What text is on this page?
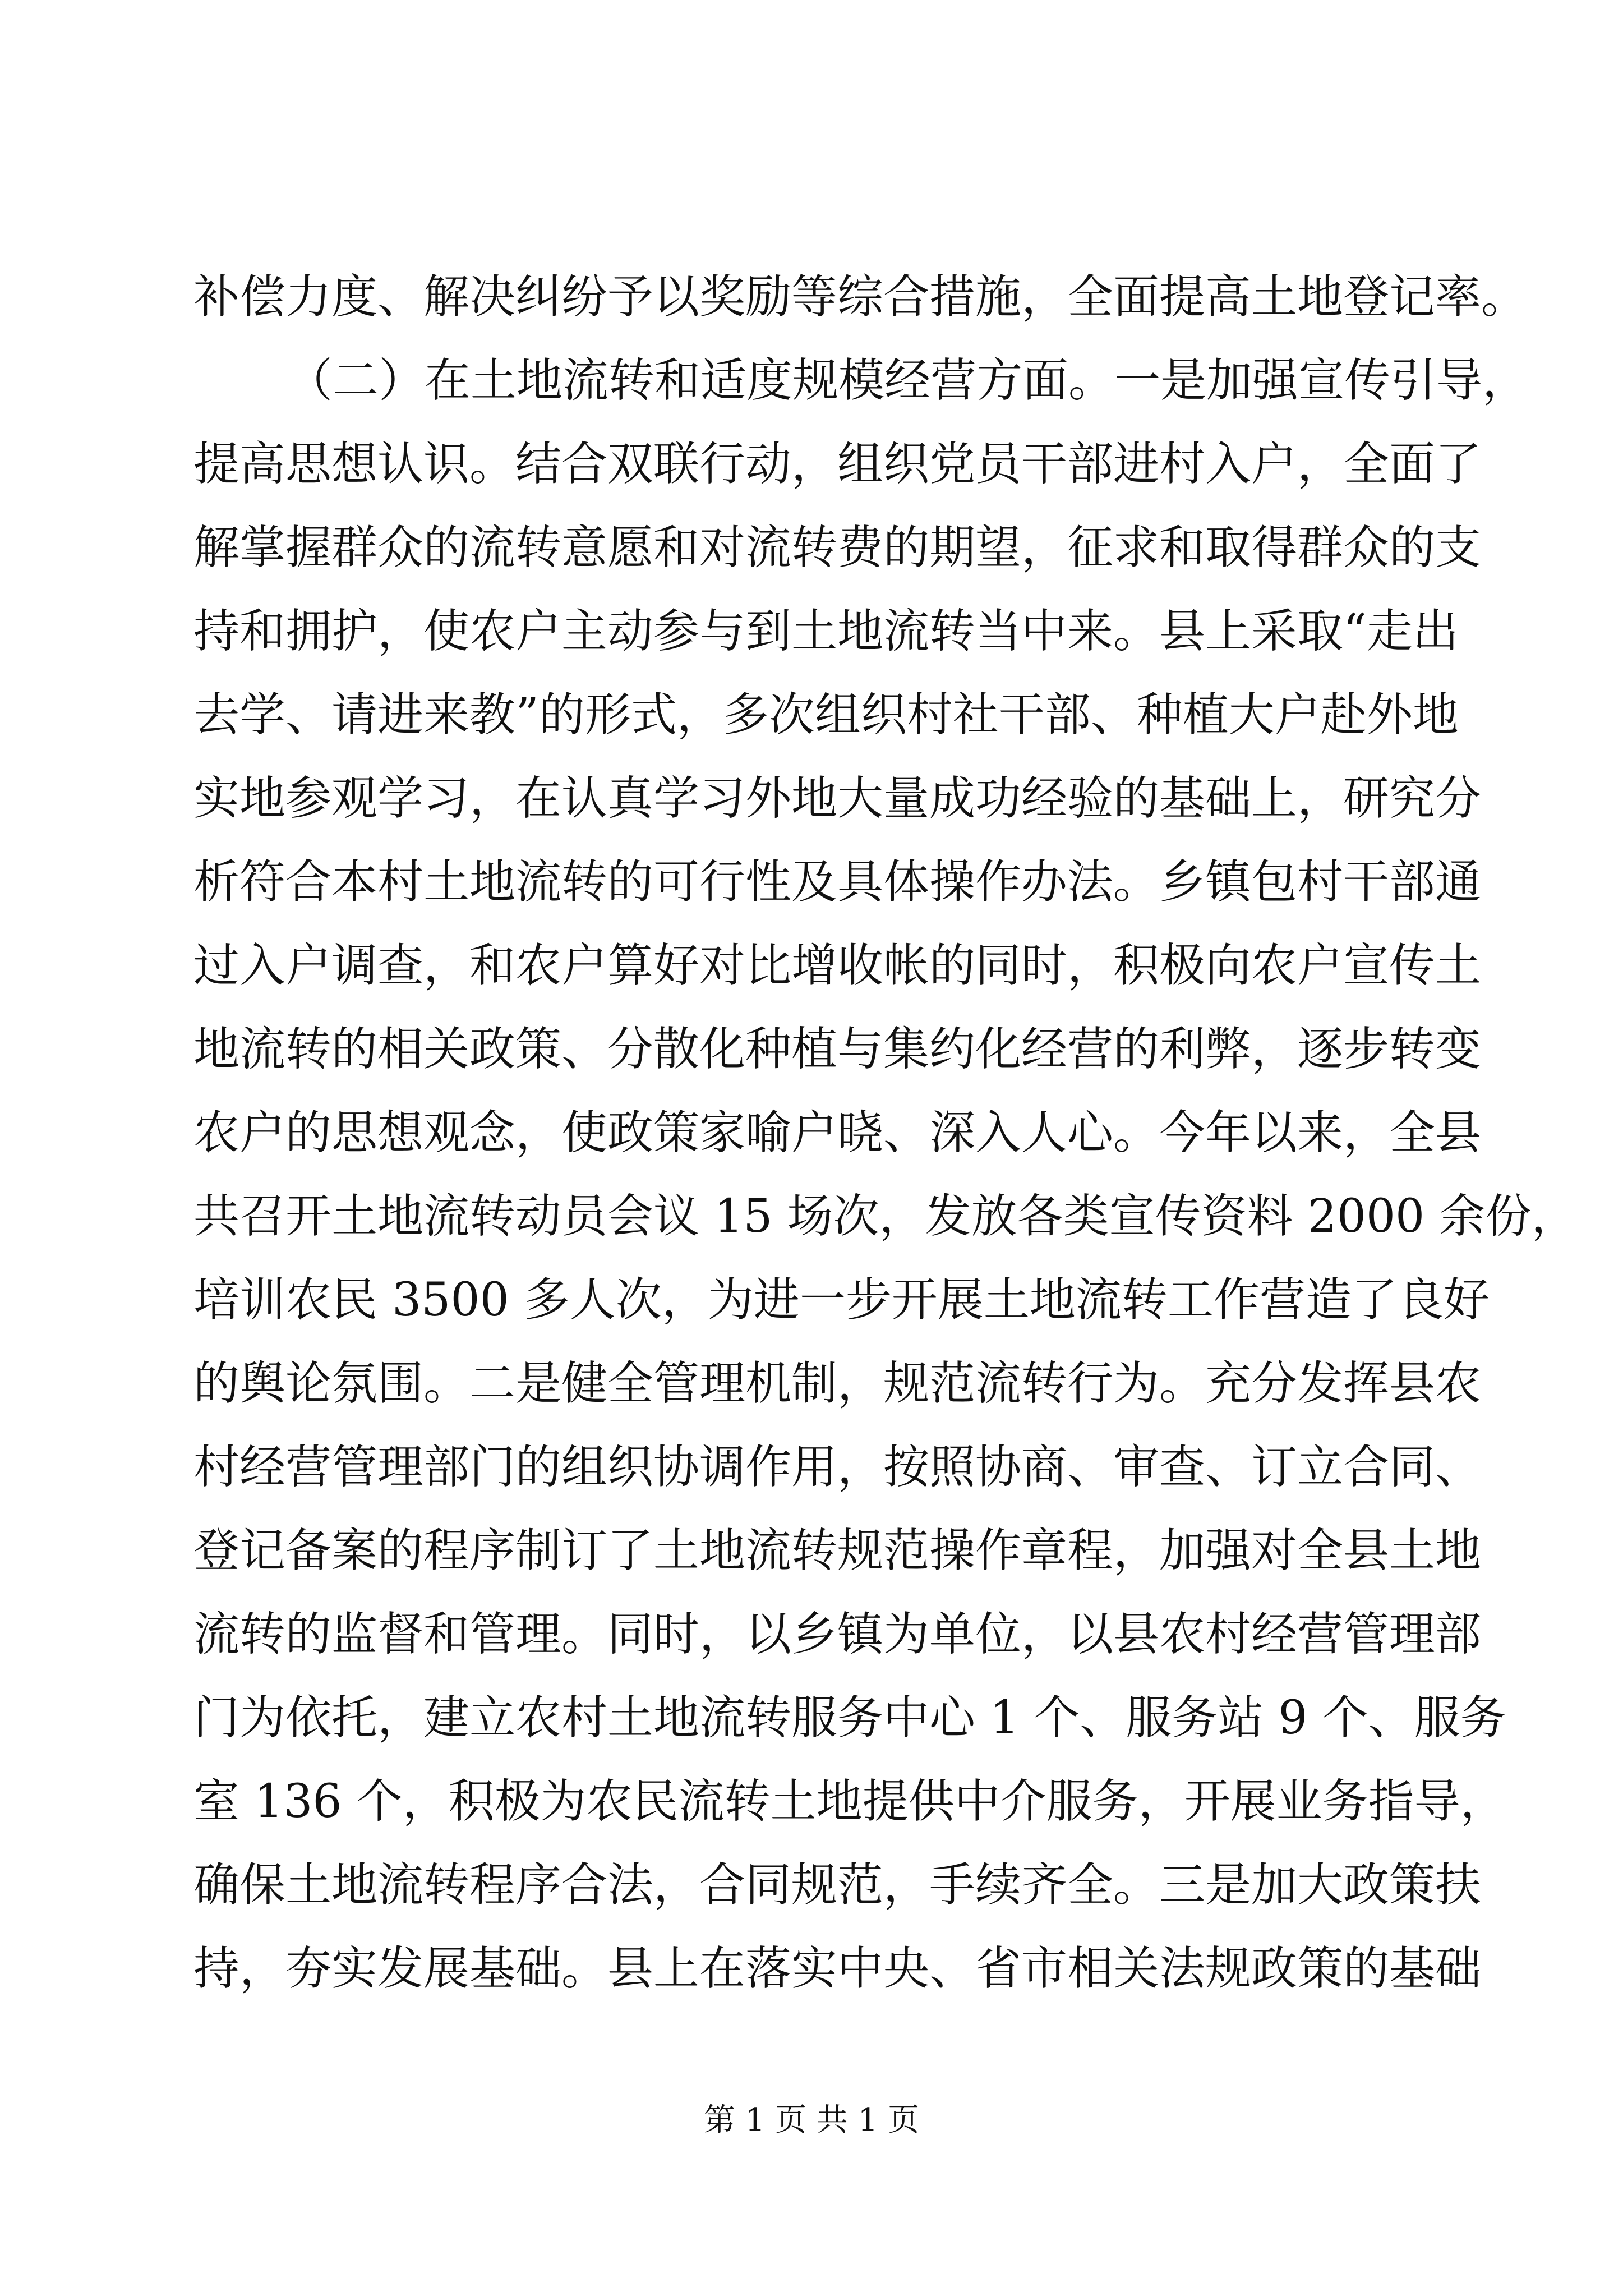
补偿力度、解决纠纷予以奖励等综合措施，全面提高土地登记率。
（二）在土地流转和适度规模经营方面。一是加强宣传引导，
提高思想认识。结合双联行动，组织党员干部进村入户，全面了
解掌握群众的流转意愿和对流转费的期望，征求和取得群众的支
持和拥护，使农户主动参与到土地流转当中来。县上采取“走出
去学、请进来教”的形式，多次组织村社干部、种植大户赴外地
实地参观学习，在认真学习外地大量成功经验的基础上，研究分
析符合本村土地流转的可行性及具体操作办法。乡镇包村干部通
过入户调查，和农户算好对比增收帐的同时，积极向农户宣传土
地流转的相关政策、分散化种植与集约化经营的利弊，逐步转变
农户的思想观念，使政策家喻户晓、深入人心。今年以来，全县
共召开土地流转动员会议 15 场次，发放各类宣传资料 2000 余份，
培训农民 3500 多人次，为进一步开展土地流转工作营造了良好
的舆论氛围。二是健全管理机制，规范流转行为。充分发挥县农
村经营管理部门的组织协调作用，按照协商、审查、订立合同、
登记备案的程序制订了土地流转规范操作章程，加强对全县土地
流转的监督和管理。同时，以乡镇为单位，以县农村经营管理部
门为依托，建立农村土地流转服务中心 1 个、服务站 9 个、服务
室 136 个，积极为农民流转土地提供中介服务，开展业务指导，
确保土地流转程序合法，合同规范，手续齐全。三是加大政策扶
持，夯实发展基础。县上在落实中央、省市相关法规政策的基础
第 1 页 共 1 页
